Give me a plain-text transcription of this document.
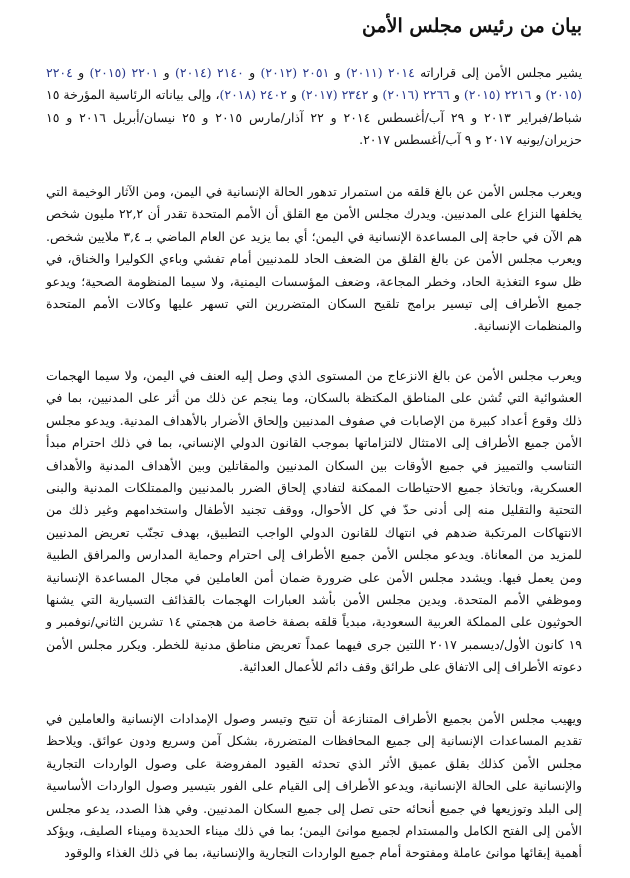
بيان من رئيس مجلس الأمن

يشير مجلس الأمن إلى قراراته ٢٠١٤ (٢٠١١) و ٢٠٥١ (٢٠١٢) و ٢١٤٠ (٢٠١٤) و ٢٢٠١ (٢٠١٥) و ٢٢٠٤ (٢٠١٥) و ٢٢١٦ (٢٠١٥) و ٢٢٦٦ (٢٠١٦) و ٢٣٤٢ (٢٠١٧) و ٢٤٠٢ (٢٠١٨)، وإلى بياناته الرئاسية المؤرخة ١٥ شباط/فبراير ٢٠١٣ و ٢٩ آب/أغسطس ٢٠١٤ و ٢٢ آذار/مارس ٢٠١٥ و ٢٥ نيسان/أبريل ٢٠١٦ و ١٥ حزيران/يونيه ٢٠١٧ و ٩ آب/أغسطس ٢٠١٧.

ويعرب مجلس الأمن عن بالغ قلقه من استمرار تدهور الحالة الإنسانية في اليمن، ومن الآثار الوخيمة التي يخلفها النزاع على المدنيين. ويدرك مجلس الأمن مع القلق أن الأمم المتحدة تقدر أن ٢٢,٢ مليون شخص هم الآن في حاجة إلى المساعدة الإنسانية في اليمن؛ أي بما يزيد عن العام الماضي بـ ٣,٤ ملايين شخص. ويعرب مجلس الأمن عن بالغ القلق من الضعف الحاد للمدنيين أمام تفشي وباءي الكوليرا والخناق، في ظل سوء التغذية الحاد، وخطر المجاعة، وضعف المؤسسات اليمنية، ولا سيما المنظومة الصحية؛ ويدعو جميع الأطراف إلى تيسير برامج تلقيح السكان المتضررين التي تسهر عليها وكالات الأمم المتحدة والمنظمات الإنسانية.

ويعرب مجلس الأمن عن بالغ الانزعاج من المستوى الذي وصل إليه العنف في اليمن، ولا سيما الهجمات العشوائية التي تُشن على المناطق المكتظة بالسكان، وما ينجم عن ذلك من أثر على المدنيين، بما في ذلك وقوع أعداد كبيرة من الإصابات في صفوف المدنيين وإلحاق الأضرار بالأهداف المدنية. ويدعو مجلس الأمن جميع الأطراف إلى الامتثال لالتزاماتها بموجب القانون الدولي الإنساني، بما في ذلك احترام مبدأ التناسب والتمييز في جميع الأوقات بين السكان المدنيين والمقاتلين وبين الأهداف المدنية والأهداف العسكرية، وباتخاذ جميع الاحتياطات الممكنة لتفادي إلحاق الضرر بالمدنيين والممتلكات المدنية والبنى التحتية والتقليل منه إلى أدنى حدّ في كل الأحوال، ووقف تجنيد الأطفال واستخدامهم وغير ذلك من الانتهاكات المرتكبة ضدهم في انتهاك للقانون الدولي الواجب التطبيق، بهدف تجنّب تعريض المدنيين للمزيد من المعاناة. ويدعو مجلس الأمن جميع الأطراف إلى احترام وحماية المدارس والمرافق الطبية ومن يعمل فيها. ويشدد مجلس الأمن على ضرورة ضمان أمن العاملين في مجال المساعدة الإنسانية وموظفي الأمم المتحدة. ويدين مجلس الأمن بأشد العبارات الهجمات بالقذائف التسيارية التي يشنها الحوثيون على المملكة العربية السعودية، مبدياً قلقه بصفة خاصة من هجمتي ١٤ تشرين الثاني/نوفمبر و ١٩ كانون الأول/ديسمبر ٢٠١٧ اللتين جرى فيهما عمداً تعريض مناطق مدنية للخطر. ويكرر مجلس الأمن دعوته الأطراف إلى الاتفاق على طرائق وقف دائم للأعمال العدائية.

ويهيب مجلس الأمن بجميع الأطراف المتنازعة أن تتيح وتيسر وصول الإمدادات الإنسانية والعاملين في تقديم المساعدات الإنسانية إلى جميع المحافظات المتضررة، بشكل آمن وسريع ودون عوائق. ويلاحظ مجلس الأمن كذلك بقلق عميق الأثر الذي تحدثه القيود المفروضة على وصول الواردات التجارية والإنسانية على الحالة الإنسانية، ويدعو الأطراف إلى القيام على الفور بتيسير وصول الواردات الأساسية إلى البلد وتوزيعها في جميع أنحائه حتى تصل إلى جميع السكان المدنيين. وفي هذا الصدد، يدعو مجلس الأمن إلى الفتح الكامل والمستدام لجميع موانئ اليمن؛ بما في ذلك ميناء الحديدة وميناء الصليف، ويؤكد أهمية إبقائها موانئ عاملة ومفتوحة أمام جميع الواردات التجارية والإنسانية، بما في ذلك الغذاء والوقود
